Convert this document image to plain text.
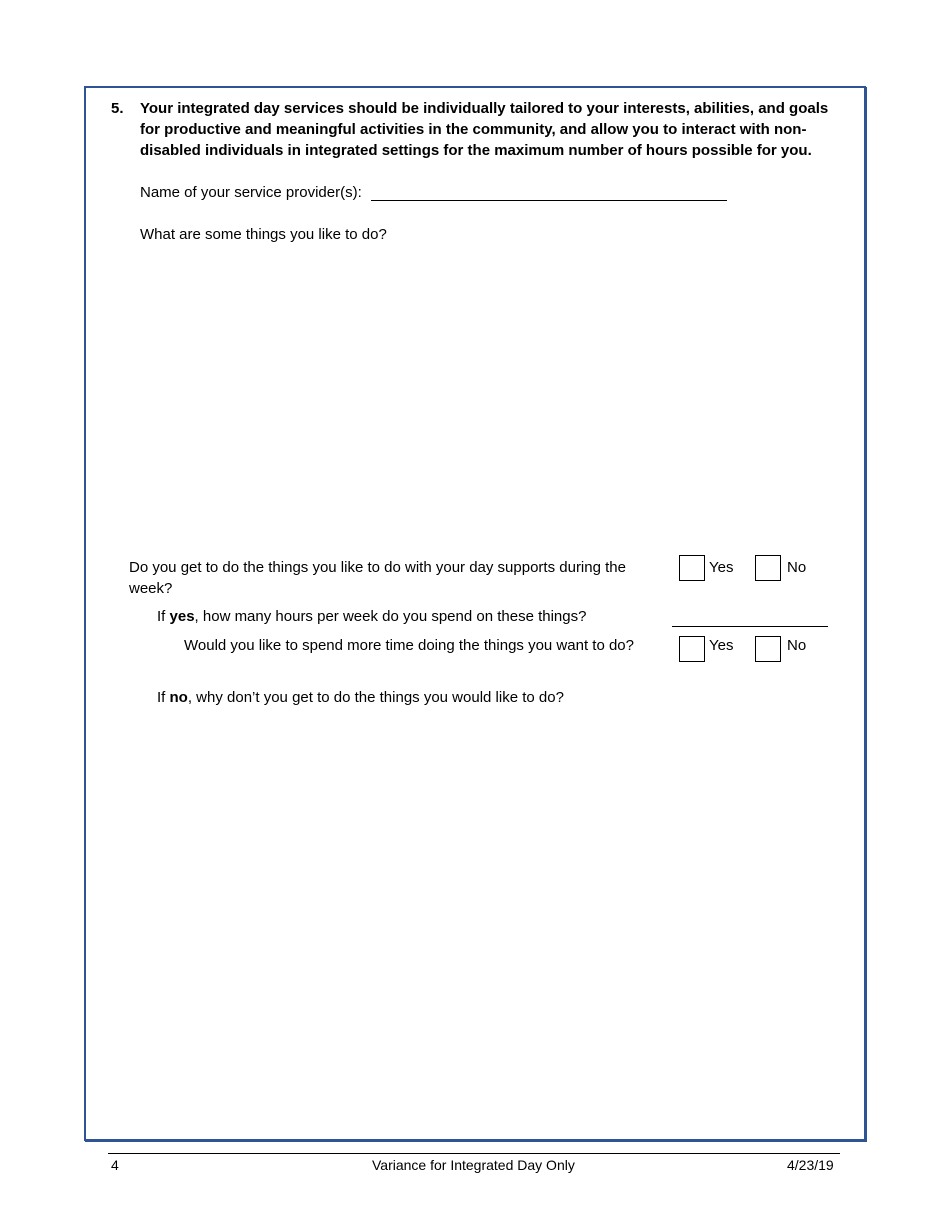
5. Your integrated day services should be individually tailored to your interests, abilities, and goals for productive and meaningful activities in the community, and allow you to interact with non-disabled individuals in integrated settings for the maximum number of hours possible for you.
Name of your service provider(s):
What are some things you like to do?
Do you get to do the things you like to do with your day supports during the
week?
Yes	No
If yes, how many hours per week do you spend on these things?
Would you like to spend more time doing the things you want to do?	Yes	No
If no, why don’t you get to do the things you would like to do?
4	Variance for Integrated Day Only	4/23/19
